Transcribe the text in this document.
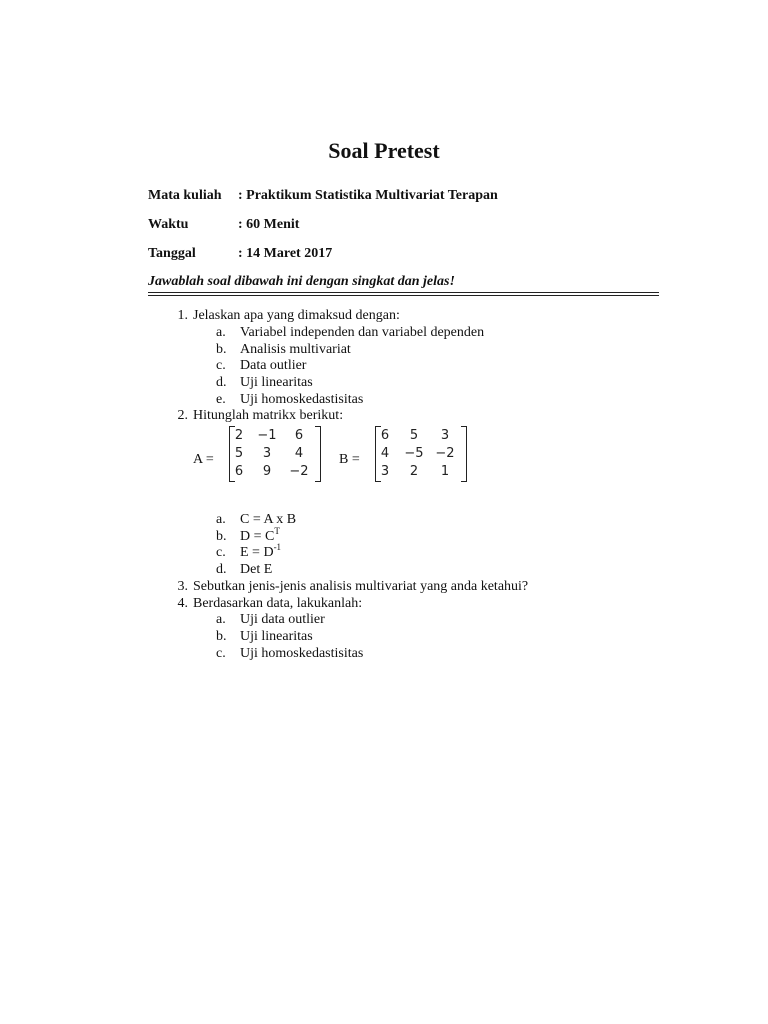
Soal Pretest
Mata kuliah : Praktikum Statistika Multivariat Terapan
Waktu	: 60 Menit
Tanggal	: 14 Maret 2017
Jawablah soal dibawah ini dengan singkat dan jelas!
1. Jelaskan apa yang dimaksud dengan:
a.	Variabel independen dan variabel dependen
b. Analisis multivariat
c.	Data outlier
d. Uji linearitas
e.	Uji homoskedastisitas
2. Hitunglah matrikx berikut:
A =
2	−1	6
5	3	4
6	9	−2
B =
6	5	3
4	−5 −2
3	2	1
a.	C = A x B
b. $D = C^T$
c.	$E = D^{-1}$
d. Det E
3. Sebutkan jenis-jenis analisis multivariat yang anda ketahui?
4. Berdasarkan data, lakukanlah:
a.	Uji data outlier
b. Uji linearitas
c.	Uji homoskedastisitas
